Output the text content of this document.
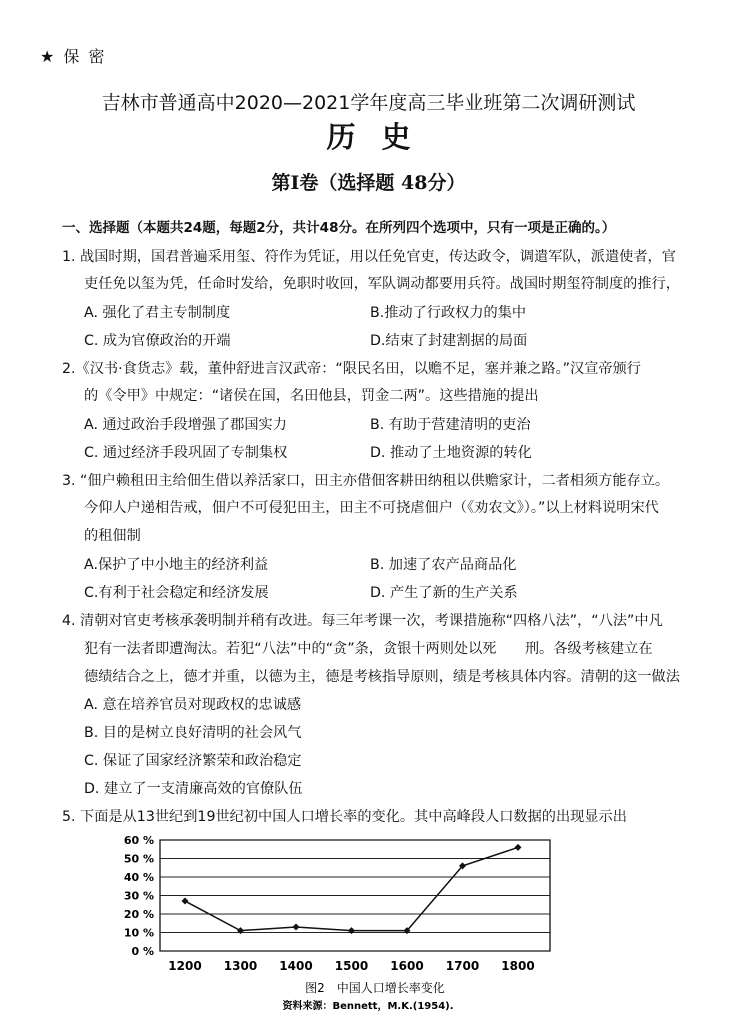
★ 保 密
吉林市普通高中2020—2021学年度高三毕业班第二次调研测试
历史
第Ⅰ卷（选择题 48分）
一、选择题（本题共24题，每题2分，共计48分。在所列四个选项中，只有一项是正确的。）
1. 战国时期，国君普遍采用玺、符作为凭证，用以任免官吏，传达政令，调遣军队，派遣使者，官
吏任免以玺为凭，任命时发给，免职时收回，军队调动都要用兵符。战国时期玺符制度的推行，
A. 强化了君主专制制度	B.推动了行政权力的集中
C. 成为官僚政治的开端	D.结束了封建割据的局面
2.《汉书·食货志》载，董仲舒进言汉武帝：“限民名田，以赡不足，塞并兼之路。”汉宣帝颁行
的《令甲》中规定：“诸侯在国，名田他县，罚金二两”。这些措施的提出
A. 通过政治手段增强了郡国实力	B. 有助于营建清明的吏治
C. 通过经济手段巩固了专制集权	D. 推动了土地资源的转化
3. “佃户赖租田主给佃生借以养活家口，田主亦借佃客耕田纳租以供赡家计，二者相须方能存立。
今仰人户递相告戒，佃户不可侵犯田主，田主不可挠虐佃户（《劝农文》）。”以上材料说明宋代
的租佃制
A.保护了中小地主的经济利益	B. 加速了农产品商品化
C.有利于社会稳定和经济发展	D. 产生了新的生产关系
4. 清朝对官吏考核承袭明制并稍有改进。每三年考课一次，考课措施称“四格八法”，“八法”中凡
犯有一法者即遭淘汰。若犯“八法”中的“贪”条，贪银十两则处以死　　刑。各级考核建立在
德绩结合之上，德才并重，以德为主，德是考核指导原则，绩是考核具体内容。清朝的这一做法
A. 意在培养官员对现政权的忠诚感
B. 目的是树立良好清明的社会风气
C. 保证了国家经济繁荣和政治稳定
D. 建立了一支清廉高效的官僚队伍
5. 下面是从13世纪到19世纪初中国人口增长率的变化。其中高峰段人口数据的出现显示出
0 %
10 %
20 %
30 %
40 %
50 %
60 %
1200 1300 1400 1500 1600 1700 1800
图2　中国人口增长率变化
资料来源：Bennett，M.K.(1954).
